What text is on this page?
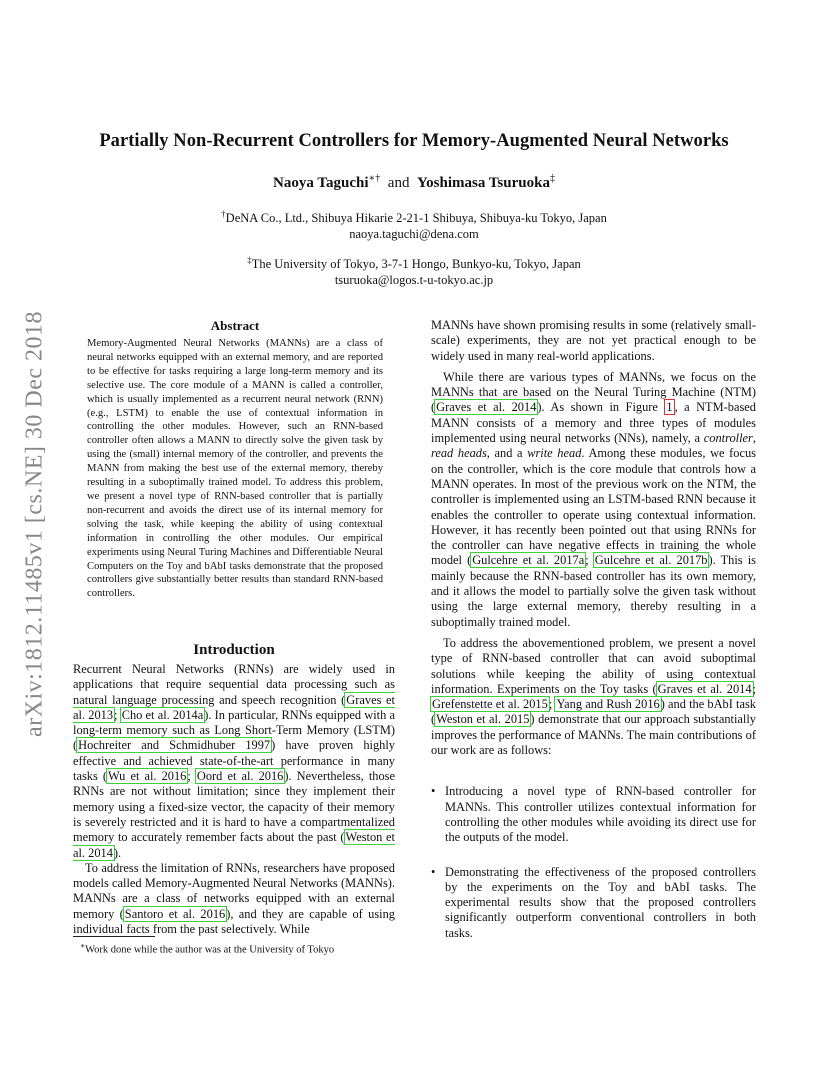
arXiv:1812.11485v1 [cs.NE] 30 Dec 2018
Partially Non-Recurrent Controllers for Memory-Augmented Neural Networks
Naoya Taguchi∗† and Yoshimasa Tsuruoka‡
†DeNA Co., Ltd., Shibuya Hikarie 2-21-1 Shibuya, Shibuya-ku Tokyo, Japan
naoya.taguchi@dena.com
‡The University of Tokyo, 3-7-1 Hongo, Bunkyo-ku, Tokyo, Japan
tsuruoka@logos.t-u-tokyo.ac.jp
Abstract
Memory-Augmented Neural Networks (MANNs) are a class of neural networks equipped with an external memory, and are reported to be effective for tasks requiring a large long-term memory and its selective use. The core module of a MANN is called a controller, which is usually implemented as a recurrent neural network (RNN) (e.g., LSTM) to enable the use of contextual information in controlling the other modules. However, such an RNN-based controller often allows a MANN to directly solve the given task by using the (small) internal memory of the controller, and prevents the MANN from making the best use of the external memory, thereby resulting in a suboptimally trained model. To address this problem, we present a novel type of RNN-based controller that is partially non-recurrent and avoids the direct use of its internal memory for solving the task, while keeping the ability of using contextual information in controlling the other modules. Our empirical experiments using Neural Turing Machines and Differentiable Neural Computers on the Toy and bAbI tasks demonstrate that the proposed controllers give substantially better results than standard RNN-based controllers.
Introduction

Recurrent Neural Networks (RNNs) are widely used in applications that require sequential data processing such as natural language processing and speech recognition (Graves et al. 2013; Cho et al. 2014a). In particular, RNNs equipped with a long-term memory such as Long Short-Term Memory (LSTM) (Hochreiter and Schmidhuber 1997) have proven highly effective and achieved state-of-the-art performance in many tasks (Wu et al. 2016; Oord et al. 2016). Nevertheless, those RNNs are not without limitation; since they implement their memory using a fixed-size vector, the capacity of their memory is severely restricted and it is hard to have a compartmentalized memory to accurately remember facts about the past (Weston et al. 2014).

To address the limitation of RNNs, researchers have proposed models called Memory-Augmented Neural Networks (MANNs). MANNs are a class of networks equipped with an external memory (Santoro et al. 2016), and they are capable of using individual facts from the past selectively. While

MANNs have shown promising results in some (relatively small-scale) experiments, they are not yet practical enough to be widely used in many real-world applications.

While there are various types of MANNs, we focus on the MANNs that are based on the Neural Turing Machine (NTM) (Graves et al. 2014). As shown in Figure 1 , a NTM-based MANN consists of a memory and three types of modules implemented using neural networks (NNs), namely, a controller, read heads, and a write head. Among these modules, we focus on the controller, which is the core module that controls how a MANN operates. In most of the previous work on the NTM, the controller is implemented using an LSTM-based RNN because it enables the controller to operate using contextual information. However, it has recently been pointed out that using RNNs for the controller can have negative effects in training the whole model (Gulcehre et al. 2017a; Gulcehre et al. 2017b). This is mainly because the RNN-based controller has its own memory, and it allows the model to partially solve the given task without using the large external memory, thereby resulting in a suboptimally trained model.

To address the abovementioned problem, we present a novel type of RNN-based controller that can avoid suboptimal solutions while keeping the ability of using contextual information. Experiments on the Toy tasks (Graves et al. 2014; Grefenstette et al. 2015; Yang and Rush 2016) and the bAbI task (Weston et al. 2015) demonstrate that our approach substantially improves the performance of MANNs. The main contributions of our work are as follows:

• Introducing a novel type of RNN-based controller for MANNs. This controller utilizes contextual information for controlling the other modules while avoiding its direct use for the outputs of the model.
• Demonstrating the effectiveness of the proposed controllers by the experiments on the Toy and bAbI tasks. The experimental results show that the proposed controllers significantly outperform conventional controllers in both tasks.
∗Work done while the author was at the University of Tokyo
